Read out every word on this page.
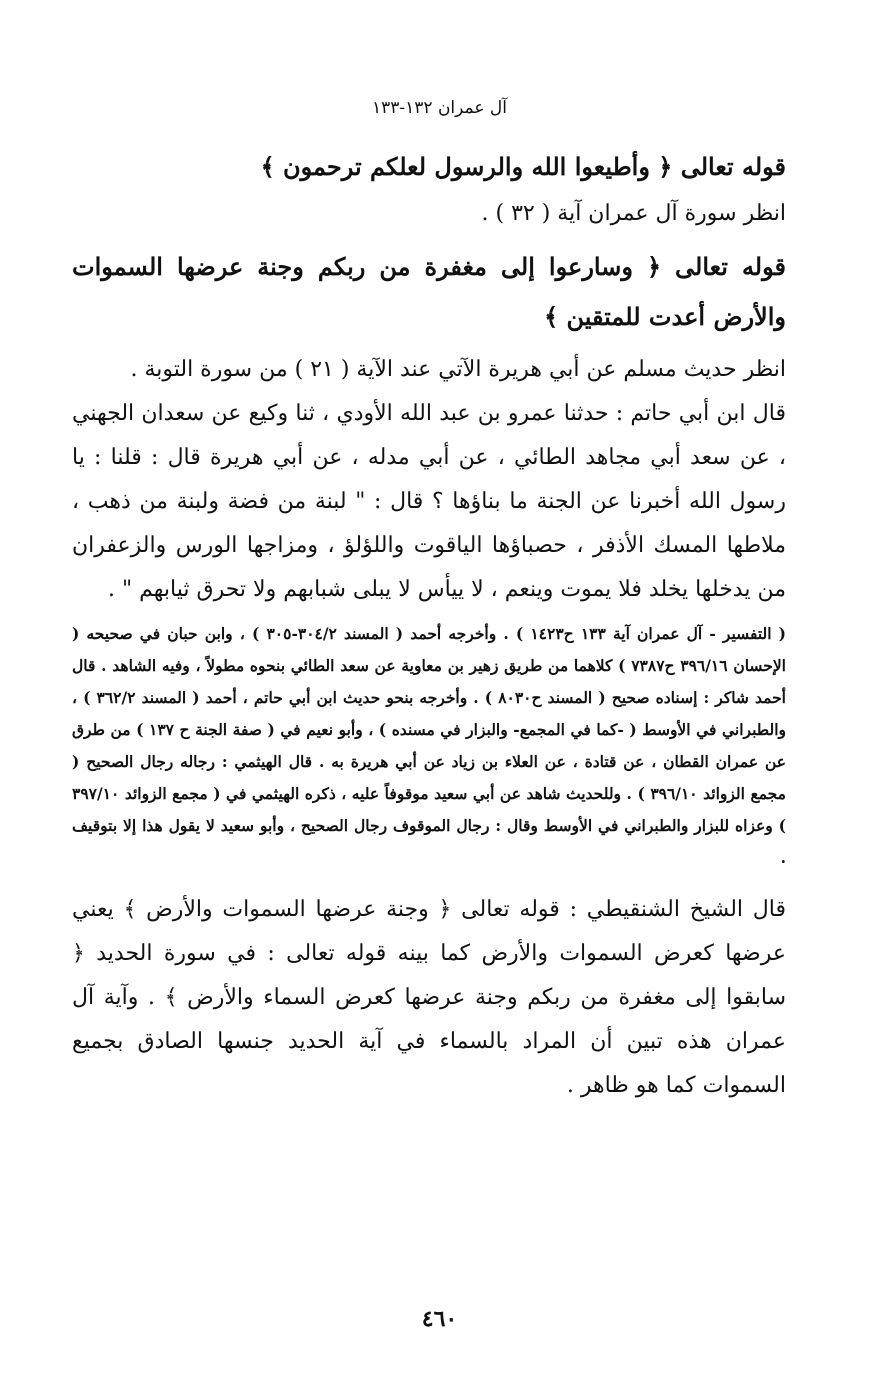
آل عمران ١٣٢-١٣٣

قوله تعالى ﴿ وأطيعوا الله والرسول لعلكم ترحمون ﴾

انظر سورة آل عمران آية ( ٣٢ ) .

قوله تعالى ﴿ وسارعوا إلى مغفرة من ربكم وجنة عرضها السموات والأرض أعدت للمتقين ﴾

انظر حديث مسلم عن أبي هريرة الآتي عند الآية ( ٢١ ) من سورة التوبة .

قال ابن أبي حاتم : حدثنا عمرو بن عبد الله الأودي ، ثنا وكيع عن سعدان الجهني ، عن سعد أبي مجاهد الطائي ، عن أبي مدله ، عن أبي هريرة قال : قلنا : يا رسول الله أخبرنا عن الجنة ما بناؤها ؟ قال : " لبنة من فضة ولبنة من ذهب ، ملاطها المسك الأذفر ، حصباؤها الياقوت واللؤلؤ ، ومزاجها الورس والزعفران من يدخلها يخلد فلا يموت وينعم ، لا ييأس لا يبلى شبابهم ولا تحرق ثيابهم " .

( التفسير - آل عمران آية ١٣٣ ح١٤٢٣ ) . وأخرجه أحمد ( المسند ٣٠٤/٢-٣٠٥ ) ، وابن حبان في صحيحه ( الإحسان ٣٩٦/١٦ ح٧٣٨٧ ) كلاهما من طريق زهير بن معاوية عن سعد الطائي بنحوه مطولاً ، وفيه الشاهد . قال أحمد شاكر : إسناده صحيح ( المسند ح٨٠٣٠ ) . وأخرجه بنحو حديث ابن أبي حاتم ، أحمد ( المسند ٣٦٢/٢ ) ، والطبراني في الأوسط ( -كما في المجمع- والبزار في مسنده ) ، وأبو نعيم في ( صفة الجنة ح ١٣٧ ) من طرق عن عمران القطان ، عن قتادة ، عن العلاء بن زياد عن أبي هريرة به . قال الهيثمي : رجاله رجال الصحيح ( مجمع الزوائد ٣٩٦/١٠ ) . وللحديث شاهد عن أبي سعيد موقوفاً عليه ، ذكره الهيثمي في ( مجمع الزوائد ٣٩٧/١٠ ) وعزاه للبزار والطبراني في الأوسط وقال : رجال الموقوف رجال الصحيح ، وأبو سعيد لا يقول هذا إلا بتوقيف .

قال الشيخ الشنقيطي : قوله تعالى ﴿ وجنة عرضها السموات والأرض ﴾ يعني عرضها كعرض السموات والأرض كما بينه قوله تعالى : في سورة الحديد ﴿ سابقوا إلى مغفرة من ربكم وجنة عرضها كعرض السماء والأرض ﴾ . وآية آل عمران هذه تبين أن المراد بالسماء في آية الحديد جنسها الصادق بجميع السموات كما هو ظاهر .

٤٦٠
